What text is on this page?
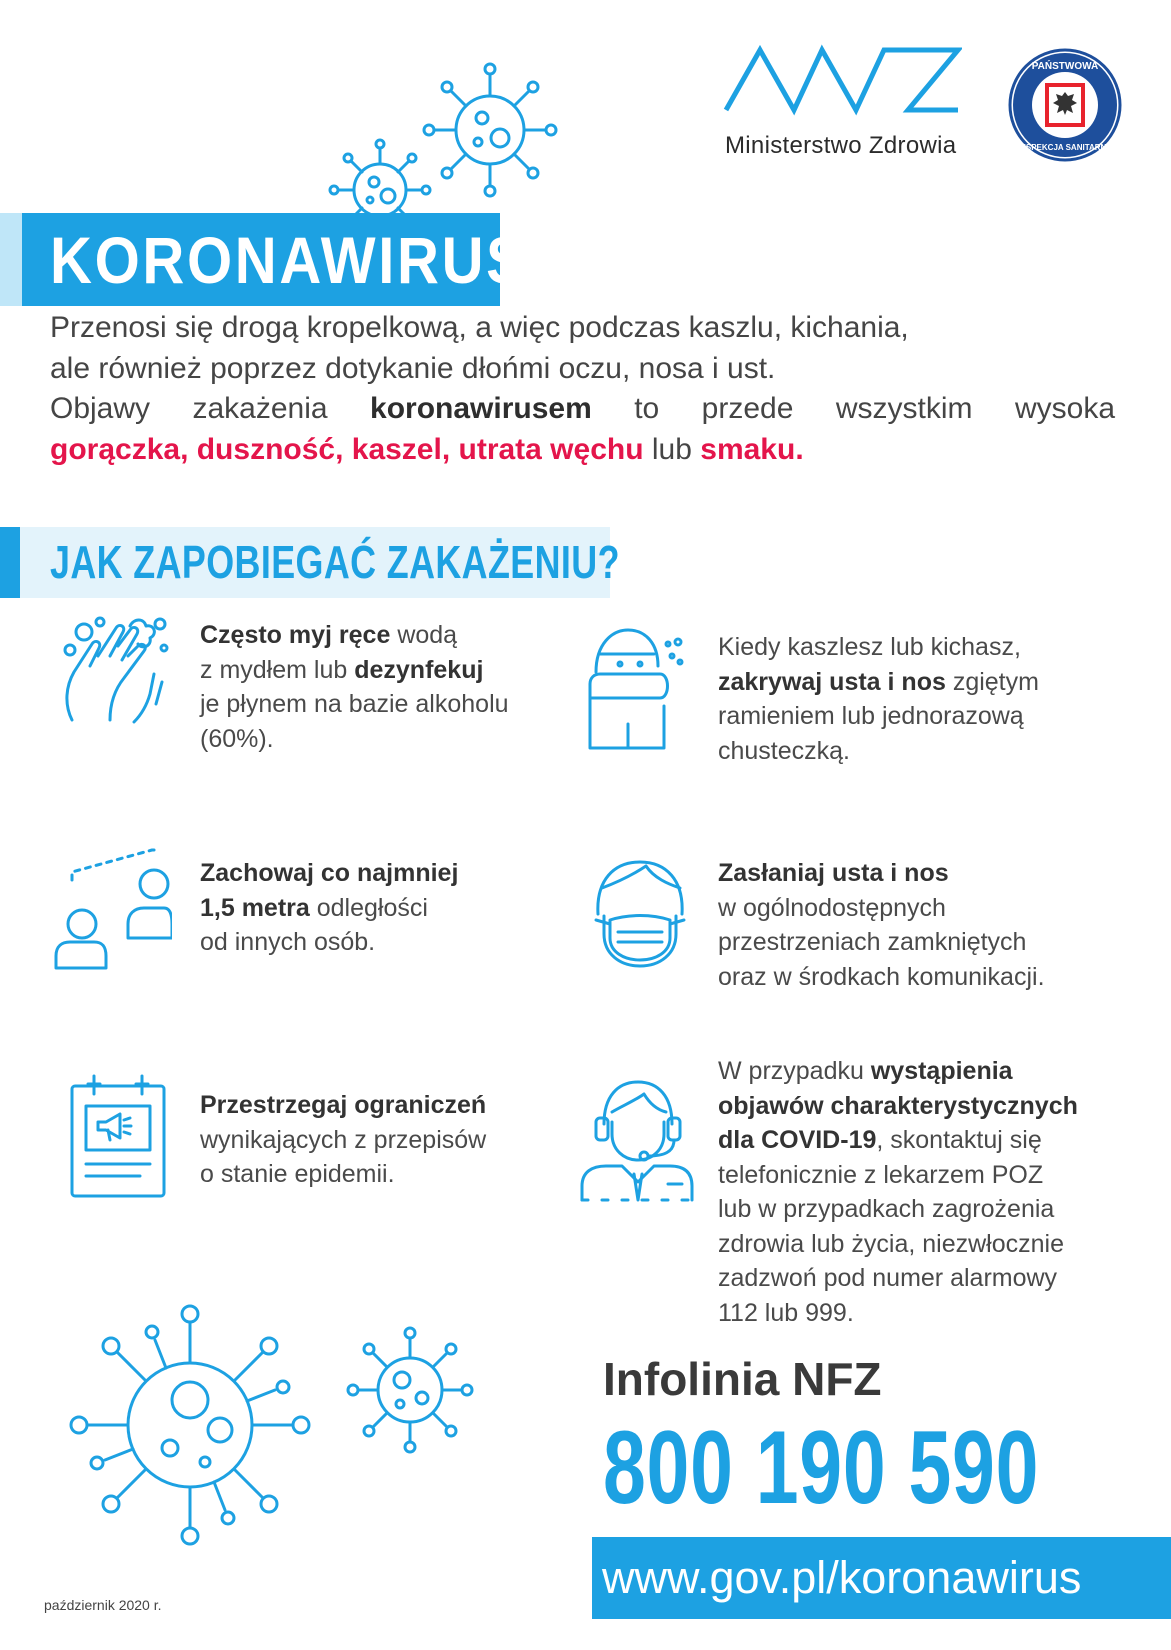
Ministerstwo Zdrowia
PAŃSTWOWA
INSPEKCJA SANITARNA
KORONAWIRUS
Przenosi się drogą kropelkową, a więc podczas kaszlu, kichania,
ale również poprzez dotykanie dłońmi oczu, nosa i ust.
Objawy zakażenia koronawirusem to przede wszystkim wysoka
gorączka, duszność, kaszel, utrata węchu lub smaku.
JAK ZAPOBIEGAĆ ZAKAŻENIU?
Często myj ręce wodą
z mydłem lub dezynfekuj
je płynem na bazie alkoholu
(60%).
Kiedy kaszlesz lub kichasz,
zakrywaj usta i nos zgiętym
ramieniem lub jednorazową
chusteczką.
Zachowaj co najmniej
1,5 metra odległości
od innych osób.
Zasłaniaj usta i nos
w ogólnodostępnych
przestrzeniach zamkniętych
oraz w środkach komunikacji.
Przestrzegaj ograniczeń
wynikających z przepisów
o stanie epidemii.
W przypadku wystąpienia
objawów charakterystycznych
dla COVID-19, skontaktuj się
telefonicznie z lekarzem POZ
lub w przypadkach zagrożenia
zdrowia lub życia, niezwłocznie
zadzwoń pod numer alarmowy
112 lub 999.
Infolinia NFZ
800 190 590
www.gov.pl/koronawirus
październik 2020 r.
